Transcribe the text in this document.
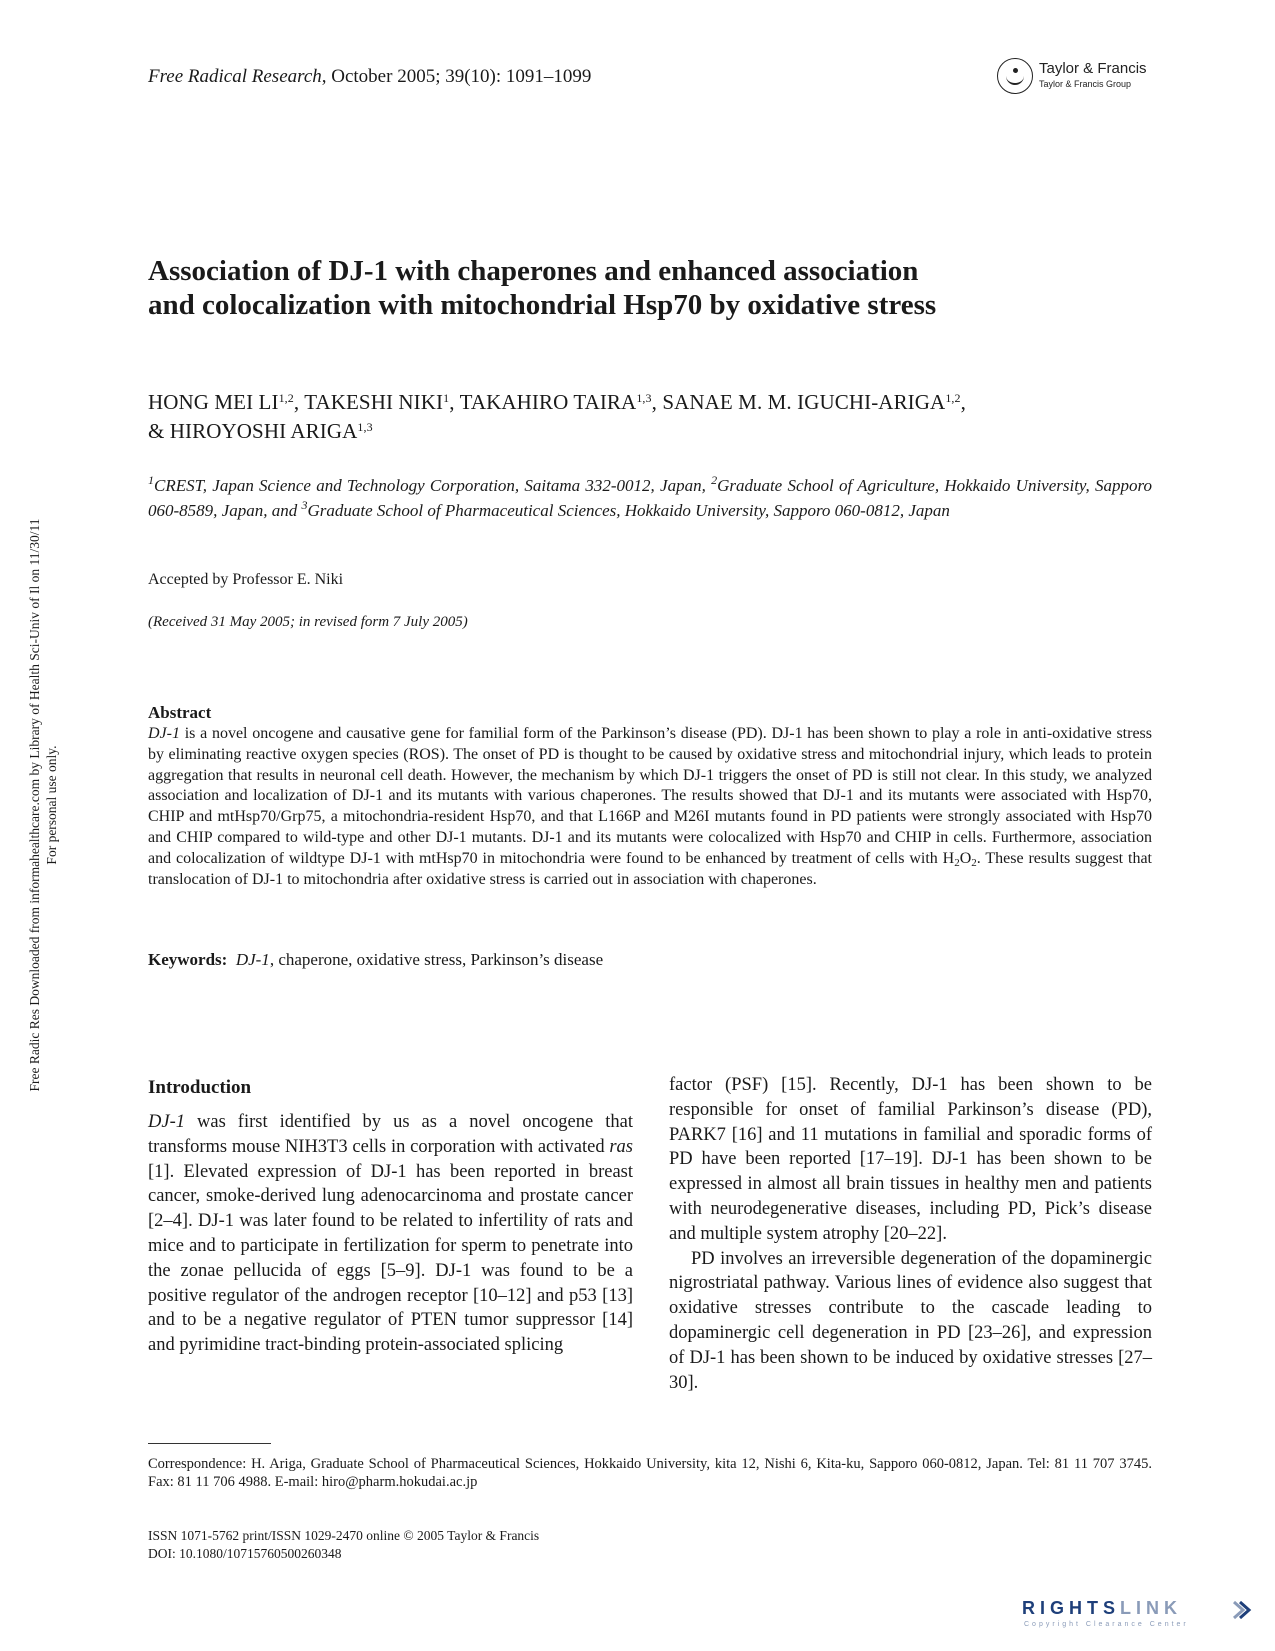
Free Radical Research, October 2005; 39(10): 1091–1099	Taylor & Francis
Taylor & Francis Group
Association of DJ-1 with chaperones and enhanced association
and colocalization with mitochondrial Hsp70 by oxidative stress
HONG MEI LI$^{1,2}$, TAKESHI NIKI$^1$, TAKAHIRO TAIRA$^{1,3}$, SANAE M. M. IGUCHI-ARIGA$^{1,2}$,
& HIROYOSHI ARIGA$^{1,3}$
$^1$CREST, Japan Science and Technology Corporation, Saitama 332-0012, Japan, $^2$Graduate School of Agriculture, Hokkaido University, Sapporo 060-8589, Japan, and $^3$Graduate School of Pharmaceutical Sciences, Hokkaido University, Sapporo 060-0812, Japan
Accepted by Professor E. Niki
(Received 31 May 2005; in revised form 7 July 2005)
Abstract
DJ-1 is a novel oncogene and causative gene for familial form of the Parkinson’s disease (PD). DJ-1 has been shown to play a role in anti-oxidative stress by eliminating reactive oxygen species (ROS). The onset of PD is thought to be caused by oxidative stress and mitochondrial injury, which leads to protein aggregation that results in neuronal cell death. However, the mechanism by which DJ-1 triggers the onset of PD is still not clear. In this study, we analyzed association and localization of DJ-1 and its mutants with various chaperones. The results showed that DJ-1 and its mutants were associated with Hsp70, CHIP and mtHsp70/Grp75, a mitochondria-resident Hsp70, and that L166P and M26I mutants found in PD patients were strongly associated with Hsp70 and CHIP compared to wild-type and other DJ-1 mutants. DJ-1 and its mutants were colocalized with Hsp70 and CHIP in cells. Furthermore, association and colocalization of wildtype DJ-1 with mtHsp70 in mitochondria were found to be enhanced by treatment of cells with $H_2O_2$. These results suggest that translocation of DJ-1 to mitochondria after oxidative stress is carried out in association with chaperones.
Keywords: DJ-1, chaperone, oxidative stress, Parkinson’s disease
Introduction

DJ-1 was first identified by us as a novel oncogene that transforms mouse NIH3T3 cells in corporation with activated ras [1]. Elevated expression of DJ-1 has been reported in breast cancer, smoke-derived lung adenocarcinoma and prostate cancer [2–4]. DJ-1 was later found to be related to infertility of rats and mice and to participate in fertilization for sperm to penetrate into the zonae pellucida of eggs [5–9]. DJ-1 was found to be a positive regulator of the androgen receptor [10–12] and p53 [13] and to be a negative regulator of PTEN tumor suppressor [14] and pyrimidine tract-binding protein-associated splicing

factor (PSF) [15]. Recently, DJ-1 has been shown to be responsible for onset of familial Parkinson’s disease (PD), PARK7 [16] and 11 mutations in familial and sporadic forms of PD have been reported [17–19]. DJ-1 has been shown to be expressed in almost all brain tissues in healthy men and patients with neurodegenerative diseases, including PD, Pick’s disease and multiple system atrophy [20–22].

PD involves an irreversible degeneration of the dopaminergic nigrostriatal pathway. Various lines of evidence also suggest that oxidative stresses contribute to the cascade leading to dopaminergic cell degeneration in PD [23–26], and expression of DJ-1 has been shown to be induced by oxidative stresses [27–30].

Correspondence: H. Ariga, Graduate School of Pharmaceutical Sciences, Hokkaido University, kita 12, Nishi 6, Kita-ku, Sapporo 060-0812, Japan. Tel: 81 11 707 3745. Fax: 81 11 706 4988. E-mail: hiro@pharm.hokudai.ac.jp
ISSN 1071-5762 print/ISSN 1029-2470 online © 2005 Taylor & Francis
DOI: 10.1080/10715760500260348
Free Radic Res Downloaded from informahealthcare.com by Library of Health Sci-Univ of Il on 11/30/11 For personal use only.
RIGHTSLINK
Copyright Clearance Center
